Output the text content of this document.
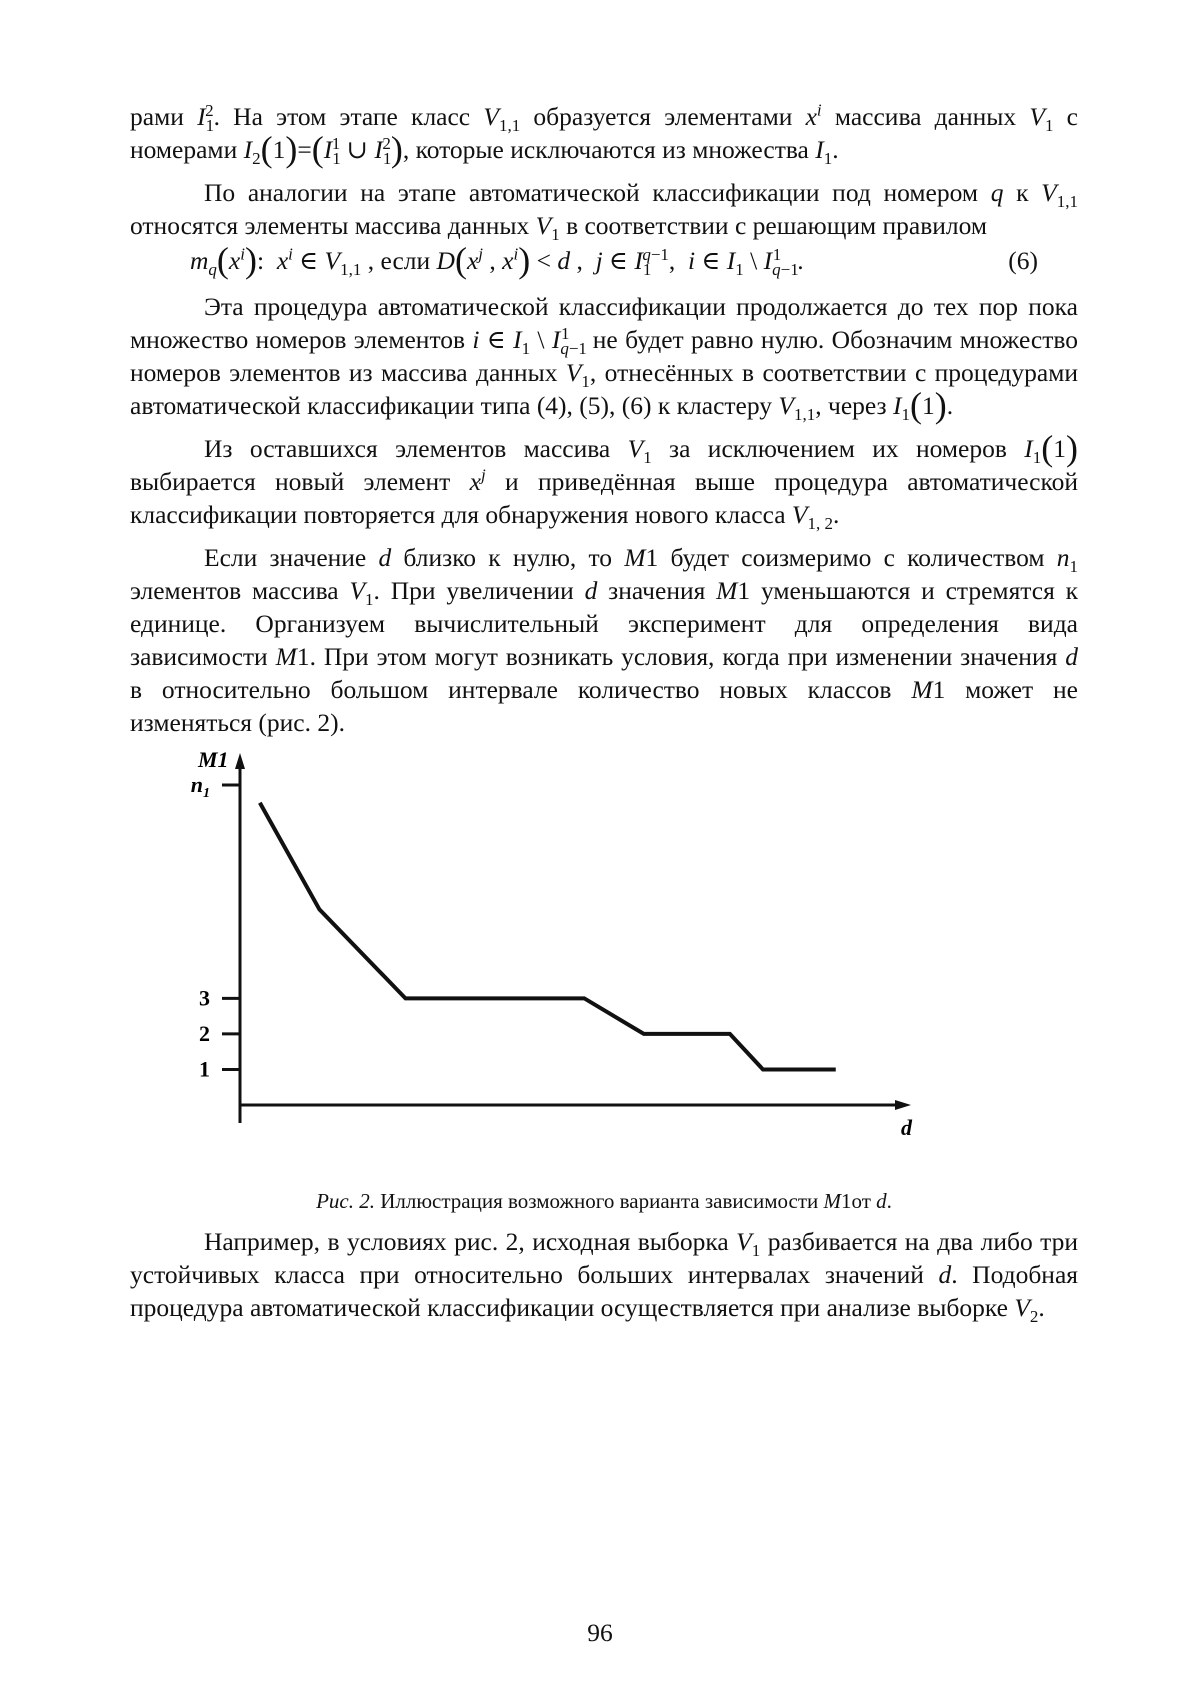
рами $I_1^2$. На этом этапе класс $V_{1,1}$ образуется элементами $x^i$ массива данных $V_1$ с номерами $I_2(1)=(I_1^1$ ∪ $I_1^2$), которые исключаются из множества $I_1$.

По аналогии на этапе автоматической классификации под номером q к $V_{1,1}$ относятся элементы массива данных $V_1$ в соответствии с решающим правилом

$m_q(x^i)$:  $x^i$ ∈ $V_{1,1}$ , если $D(x^j$ , $x^i) < d$ ,  j ∈ $I_1^{q-1}$,  i ∈ $I_1$ \ $I_{q-1}^1$ .	(6)

Эта процедура автоматической классификации продолжается до тех пор пока множество номеров элементов i ∈ $I_1$ \ $I_{q-1}^1$ не будет равно нулю. Обозначим множество номеров элементов из массива данных $V_1$, отнесённых в соответствии с процедурами автоматической классификации типа (4), (5), (6) к кластеру $V_{1,1}$, через $I_1(1)$.

Из оставшихся элементов массива $V_1$ за исключением их номеров $I_1(1)$ выбирается новый элемент $x^j$ и приведённая выше процедура автоматической классификации повторяется для обнаружения нового класса $V_{1, 2}$.

Если значение d близко к нулю, то M1 будет соизмеримо с количеством $n_1$ элементов массива $V_1$. При увеличении d значения M1 уменьшаются и стремятся к единице. Организуем вычислительный эксперимент для определения вида зависимости M1. При этом могут возникать условия, когда при изменении значения d в относительно большом интервале количество новых классов M1 может не изменяться (рис. 2).

M1
d
$n_1$
3
2
1
Рис. 2. Иллюстрация возможного варианта зависимости M1от d.

Например, в условиях рис. 2, исходная выборка $V_1$ разбивается на два либо три устойчивых класса при относительно больших интервалах значений d. Подобная процедура автоматической классификации осуществляется при анализе выборке $V_2$.

96
